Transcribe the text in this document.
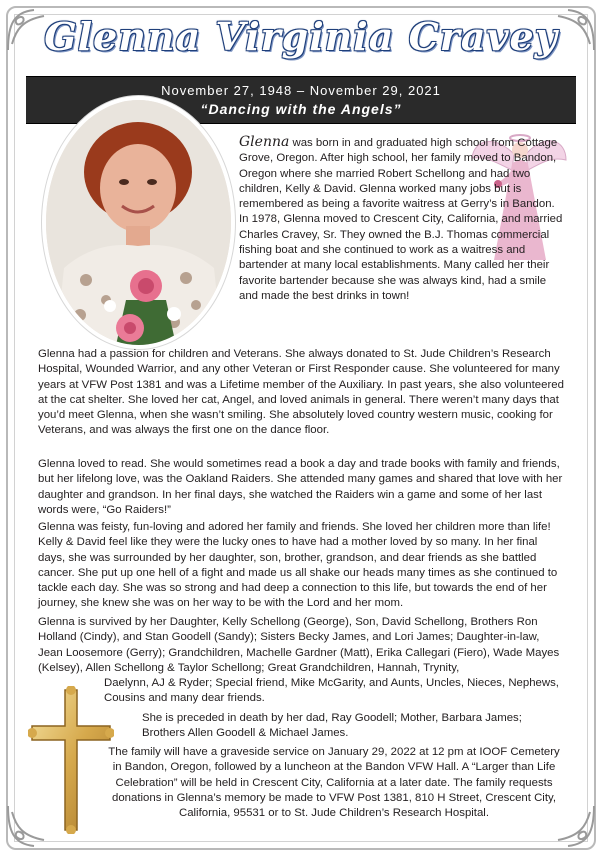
November 27, 1948 – November 29, 2021
“Dancing with the Angels”
Glenna Virginia Cravey

Glenna was born in and graduated high school from Cottage Grove, Oregon. After high school, her family moved to Bandon, Oregon where she married Robert Schellong and had two children, Kelly & David. Glenna worked many jobs but is remembered as being a favorite waitress at Gerry’s in Bandon. In 1978, Glenna moved to Crescent City, California, and married Charles Cravey, Sr. They owned the B.J. Thomas commercial fishing boat and she continued to work as a waitress and bartender at many local establishments. Many called her their favorite bartender because she was always kind, had a smile and made the best drinks in town!

Glenna had a passion for children and Veterans. She always donated to St. Jude Children’s Research Hospital, Wounded Warrior, and any other Veteran or First Responder cause. She volunteered for many years at VFW Post 1381 and was a Lifetime member of the Auxiliary. In past years, she also volunteered at the cat shelter. She loved her cat, Angel, and loved animals in general. There weren’t many days that you’d meet Glenna, when she wasn’t smiling. She absolutely loved country western music, cooking for Veterans, and was always the first one on the dance floor.

Glenna loved to read. She would sometimes read a book a day and trade books with family and friends, but her lifelong love, was the Oakland Raiders. She attended many games and shared that love with her daughter and grandson. In her final days, she watched the Raiders win a game and some of her last words were, “Go Raiders!”

Glenna was feisty, fun-loving and adored her family and friends. She loved her children more than life! Kelly & David feel like they were the lucky ones to have had a mother loved by so many. In her final days, she was surrounded by her daughter, son, brother, grandson, and dear friends as she battled cancer. She put up one hell of a fight and made us all shake our heads many times as she continued to tackle each day. She was so strong and had deep a connection to this life, but towards the end of her journey, she knew she was on her way to be with the Lord and her mom.

Glenna is survived by her Daughter, Kelly Schellong (George), Son, David Schellong, Brothers Ron Holland (Cindy), and Stan Goodell (Sandy); Sisters Becky James, and Lori James; Daughter-in-law, Jean Loosemore (Gerry); Grandchildren, Machelle Gardner (Matt), Erika Callegari (Fiero), Wade Mayes (Kelsey), Allen Schellong & Taylor Schellong; Great Grandchildren, Hannah, Trynity,

Daelynn, AJ & Ryder; Special friend, Mike McGarity, and Aunts, Uncles, Nieces, Nephews, Cousins and many dear friends.

She is preceded in death by her dad, Ray Goodell; Mother, Barbara James; Brothers Allen Goodell & Michael James.

The family will have a graveside service on January 29, 2022 at 12 pm at IOOF Cemetery in Bandon, Oregon, followed by a luncheon at the Bandon VFW Hall. A “Larger than Life Celebration” will be held in Crescent City, California at a later date. The family requests donations in Glenna’s memory be made to VFW Post 1381, 810 H Street, Crescent City, California, 95531 or to St. Jude Children’s Research Hospital.
